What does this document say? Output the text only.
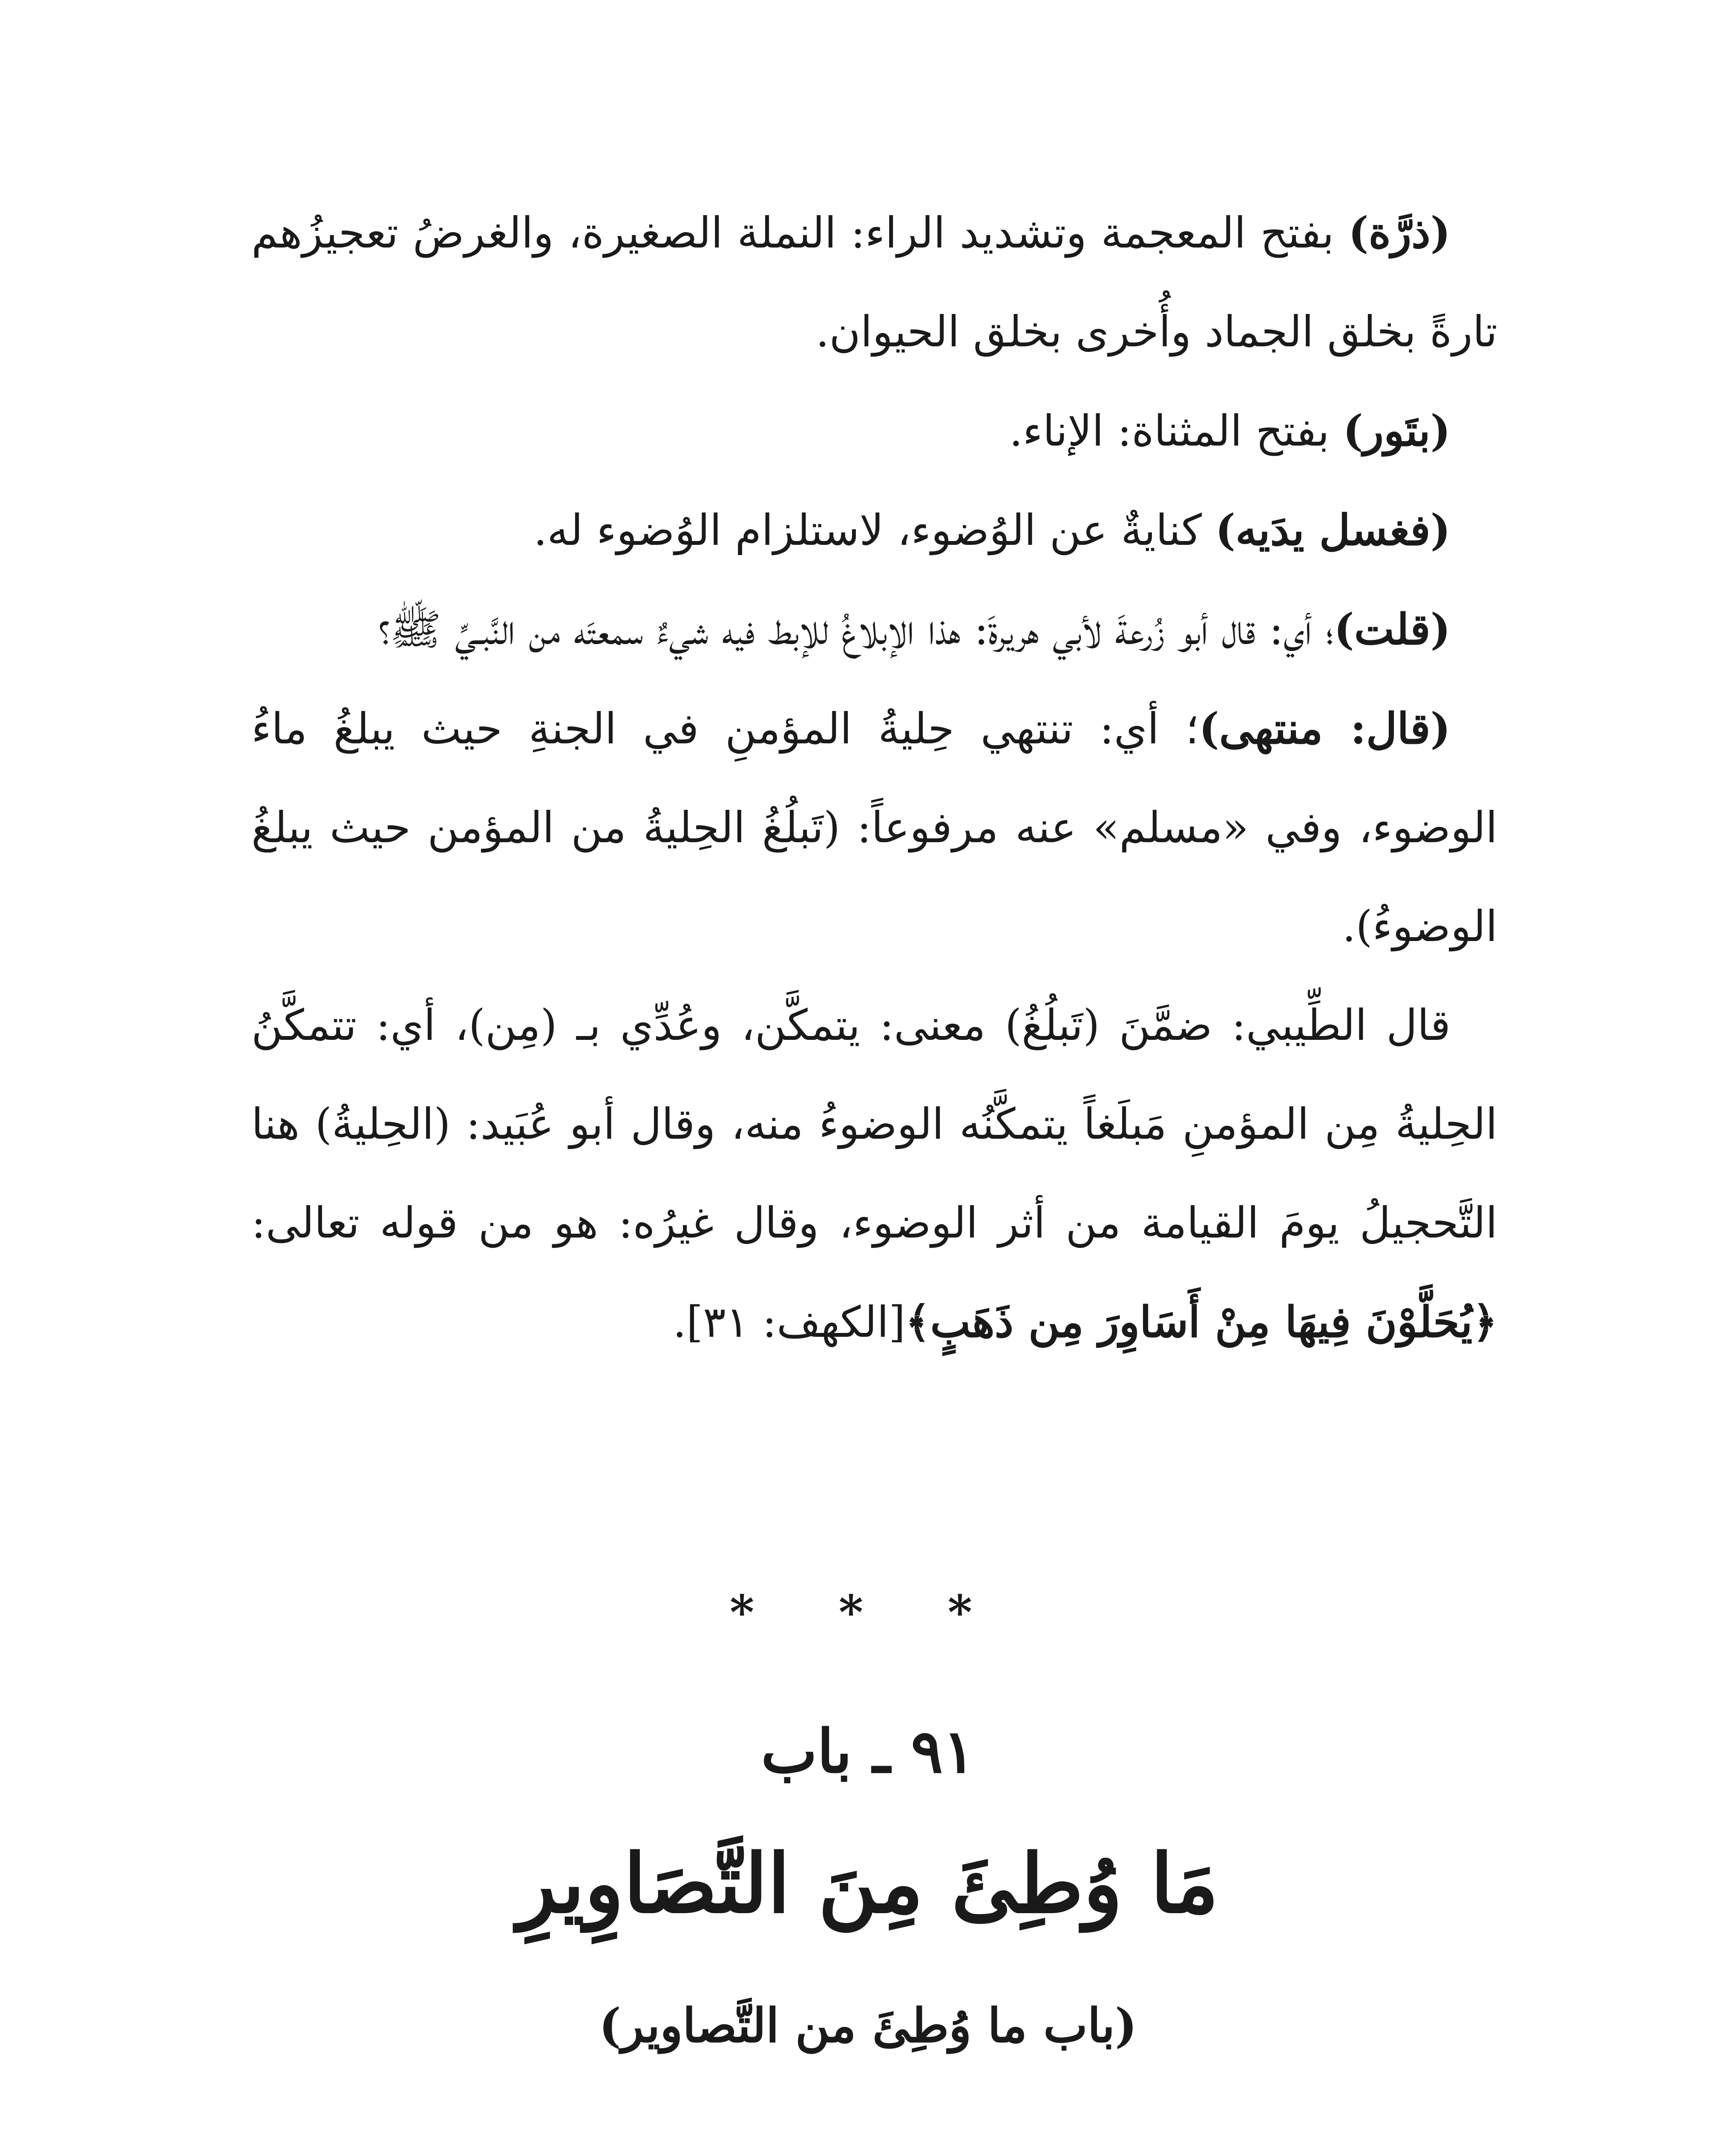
(ذرَّة) بفتح المعجمة وتشديد الراء: النملة الصغيرة، والغرضُ تعجيزُهم تارةً بخلق الجماد وأُخرى بخلق الحيوان.

(بتَور) بفتح المثناة: الإناء.

(فغسل يدَيه) كنايةٌ عن الوُضوء، لاستلزام الوُضوء له.

(قلت)؛ أي: قال أبو زُرعةَ لأبي هريرةَ: هذا الإبلاغُ للإبط فيه شيءٌ سمعتَه من النَّبـيِّ ﷺ؟

(قال: منتهى)؛ أي: تنتهي حِليةُ المؤمنِ في الجنةِ حيث يبلغُ ماءُ الوضوء، وفي «مسلم» عنه مرفوعاً: (تَبلُغُ الحِليةُ من المؤمن حيث يبلغُ الوضوءُ).

قال الطِّيبي: ضمَّنَ (تَبلُغُ) معنى: يتمكَّن، وعُدِّي بـ (مِن)، أي: تتمكَّنُ الحِليةُ مِن المؤمنِ مَبلَغاً يتمكَّنُه الوضوءُ منه، وقال أبو عُبَيد: (الحِليةُ) هنا التَّحجيلُ يومَ القيامة من أثر الوضوء، وقال غيرُه: هو من قوله تعالى: ﴿يُحَلَّوْنَ فِيهَا مِنْ أَسَاوِرَ مِن ذَهَبٍ﴾[الكهف: ٣١].

* * *
٩١ ـ باب
مَا وُطِئَ مِنَ التَّصَاوِيرِ
(باب ما وُطِئَ من التَّصاوير)
